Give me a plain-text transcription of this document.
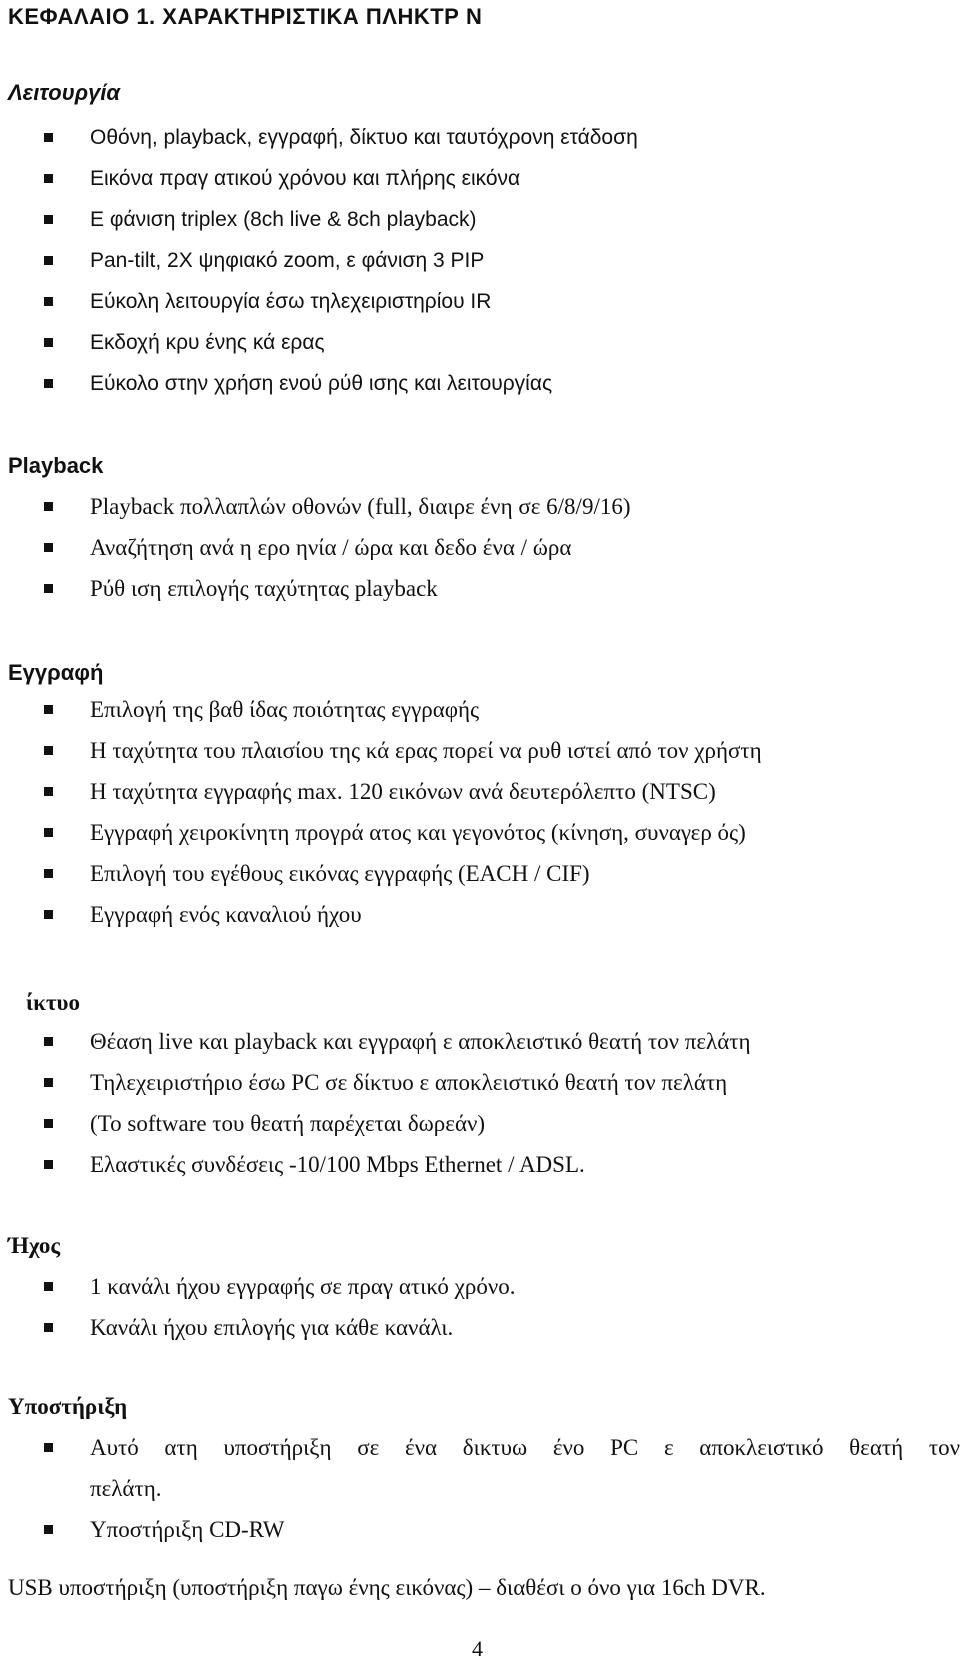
ΚΕΦΑΛΑΙΟ 1. ΧΑΡΑΚΤΗΡΙΣΤΙΚΑ ΠΛΗΚΤΡ Ν
Λειτουργία
Οθόνη, playback, εγγραφή, δίκτυο και ταυτόχρονη ετάδοση
Εικόνα πραγ ατικού χρόνου και πλήρης εικόνα
Ε φάνιση triplex (8ch live & 8ch playback)
Pan-tilt, 2X ψηφιακό zoom, ε φάνιση 3 PIP
Εύκολη λειτουργία έσω τηλεχειριστηρίου IR
Εκδοχή κρυ ένης κά ερας
Εύκολο στην χρήση ενού ρύθ ισης και λειτουργίας
Playback
Playback πολλαπλών οθονών (full, διαιρε ένη σε 6/8/9/16)
Αναζήτηση ανά η ερο ηνία / ώρα και δεδο ένα / ώρα
Ρύθ ιση επιλογής ταχύτητας playback
Εγγραφή
Επιλογή της βαθ ίδας ποιότητας εγγραφής
Η ταχύτητα του πλαισίου της κά ερας πορεί να ρυθ ιστεί από τον χρήστη
Η ταχύτητα εγγραφής max. 120 εικόνων ανά δευτερόλεπτο (NTSC)
Εγγραφή χειροκίνητη προγρά ατος και γεγονότος (κίνηση, συναγερ ός)
Επιλογή του εγέθους εικόνας εγγραφής (EACH / CIF)
Εγγραφή ενός καναλιού ήχου
ίκτυο
Θέαση live και playback και εγγραφή ε αποκλειστικό θεατή τον πελάτη
Τηλεχειριστήριο έσω PC σε δίκτυο ε αποκλειστικό θεατή τον πελάτη
(Το software του θεατή παρέχεται δωρεάν)
Ελαστικές συνδέσεις -10/100 Mbps Ethernet / ADSL.
Ήχος
1 κανάλι ήχου εγγραφής σε πραγ ατικό χρόνο.
Κανάλι ήχου επιλογής για κάθε κανάλι.
Υποστήριξη
Αυτό ατη υποστήριξη σε ένα δικτυω ένο PC ε αποκλειστικό θεατή τον
πελάτη.
Υποστήριξη CD-RW

USB υποστήριξη (υποστήριξη παγω ένης εικόνας) – διαθέσι ο όνο για 16ch DVR.

4
